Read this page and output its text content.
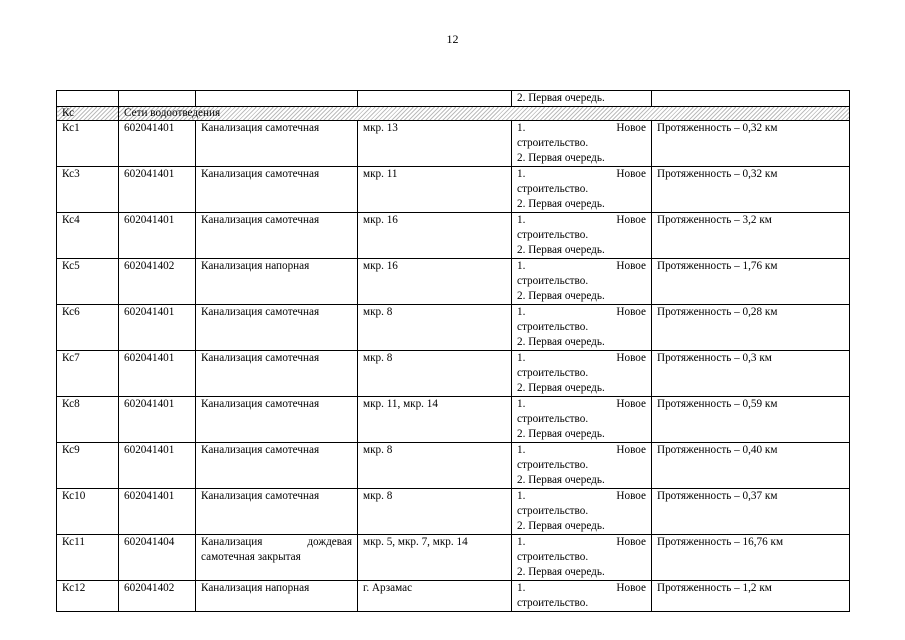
12
				2. Первая очередь.	
Кс	Сети водоотведения				
Кс1	602041401	Канализация самотечная	мкр. 13	1. Новое
строительство.
2. Первая очередь.	Протяженность – 0,32 км
Кс3	602041401	Канализация самотечная	мкр. 11	1. Новое
строительство.
2. Первая очередь.	Протяженность – 0,32 км
Кс4	602041401	Канализация самотечная	мкр. 16	1. Новое
строительство.
2. Первая очередь.	Протяженность – 3,2 км
Кс5	602041402	Канализация напорная	мкр. 16	1. Новое
строительство.
2. Первая очередь.	Протяженность – 1,76 км
Кс6	602041401	Канализация самотечная	мкр. 8	1. Новое
строительство.
2. Первая очередь.	Протяженность – 0,28 км
Кс7	602041401	Канализация самотечная	мкр. 8	1. Новое
строительство.
2. Первая очередь.	Протяженность – 0,3 км
Кс8	602041401	Канализация самотечная	мкр. 11, мкр. 14	1. Новое
строительство.
2. Первая очередь.	Протяженность – 0,59 км
Кс9	602041401	Канализация самотечная	мкр. 8	1. Новое
строительство.
2. Первая очередь.	Протяженность – 0,40 км
Кс10	602041401	Канализация самотечная	мкр. 8	1. Новое
строительство.
2. Первая очередь.	Протяженность – 0,37 км
Кс11	602041404	Канализация дождевая самотечная закрытая	мкр. 5, мкр. 7, мкр. 14	1. Новое
строительство.
2. Первая очередь.	Протяженность – 16,76 км
Кс12	602041402	Канализация напорная	г. Арзамас	1. Новое
строительство.	Протяженность – 1,2 км
